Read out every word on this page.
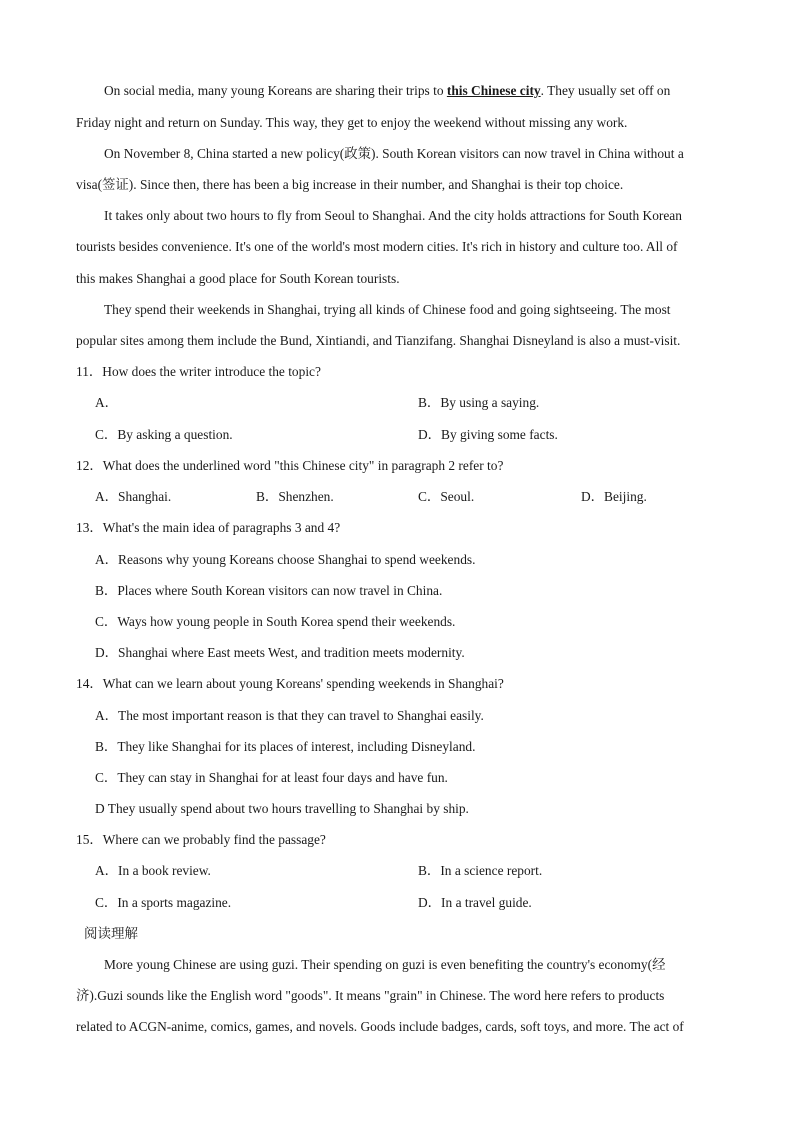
On social media, many young Koreans are sharing their trips to this Chinese city. They usually set off on
Friday night and return on Sunday. This way, they get to enjoy the weekend without missing any work.
On November 8, China started a new policy(政策). South Korean visitors can now travel in China without a
visa(签证). Since then, there has been a big increase in their number, and Shanghai is their top choice.
It takes only about two hours to fly from Seoul to Shanghai. And the city holds attractions for South Korean
tourists besides convenience. It's one of the world's most modern cities. It's rich in history and culture too. All of
this makes Shanghai a good place for South Korean tourists.
They spend their weekends in Shanghai, trying all kinds of Chinese food and going sightseeing. The most
popular sites among them include the Bund, Xintiandi, and Tianzifang. Shanghai Disneyland is also a must-visit.
11．How does the writer introduce the topic?
A．	B．By using a saying.
C．By asking a question.	D．By giving some facts.
12．What does the underlined word "this Chinese city" in paragraph 2 refer to?
A．Shanghai.	B．Shenzhen.	C．Seoul.	D．Beijing.
13．What's the main idea of paragraphs 3 and 4?
A．Reasons why young Koreans choose Shanghai to spend weekends.
B．Places where South Korean visitors can now travel in China.
C．Ways how young people in South Korea spend their weekends.
D．Shanghai where East meets West, and tradition meets modernity.
14．What can we learn about young Koreans' spending weekends in Shanghai?
A．The most important reason is that they can travel to Shanghai easily.
B．They like Shanghai for its places of interest, including Disneyland.
C．They can stay in Shanghai for at least four days and have fun.
D They usually spend about two hours travelling to Shanghai by ship.
15．Where can we probably find the passage?
A．In a book review.	B．In a science report.
C．In a sports magazine.	D．In a travel guide.
阅读理解
More young Chinese are using guzi. Their spending on guzi is even benefiting the country's economy(经
济).Guzi sounds like the English word "goods". It means "grain" in Chinese. The word here refers to products
related to ACGN-anime, comics, games, and novels. Goods include badges, cards, soft toys, and more. The act of
